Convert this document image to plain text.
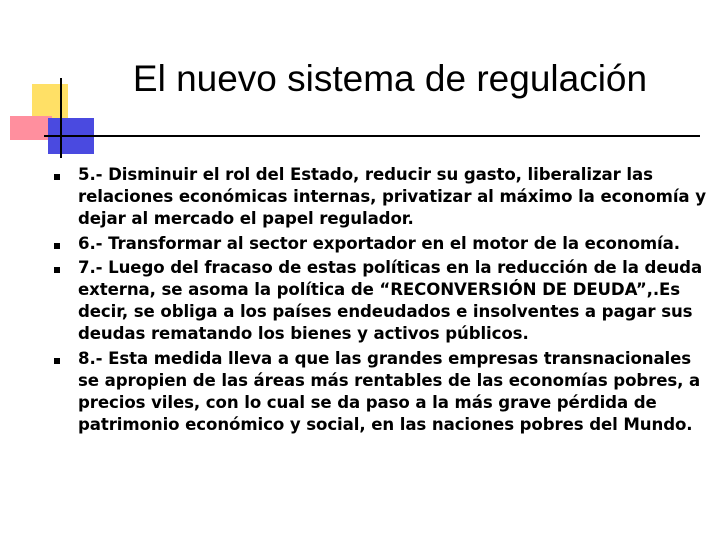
El nuevo sistema de regulación
5.- Disminuir el rol del Estado, reducir su gasto, liberalizar las relaciones económicas internas, privatizar al máximo la economía y dejar al mercado el papel regulador.
6.- Transformar al sector exportador en el motor de la economía.
7.- Luego del fracaso de estas políticas en la reducción de la deuda externa, se asoma la política de “RECONVERSIÓN DE DEUDA”,.Es decir, se obliga a los países endeudados e insolventes a pagar sus deudas rematando los bienes y activos públicos.
8.- Esta medida lleva a que las grandes empresas transnacionales se apropien de las áreas más rentables de las economías pobres, a precios viles, con lo cual se da paso a la más grave pérdida de patrimonio económico y social, en las naciones pobres del Mundo.
